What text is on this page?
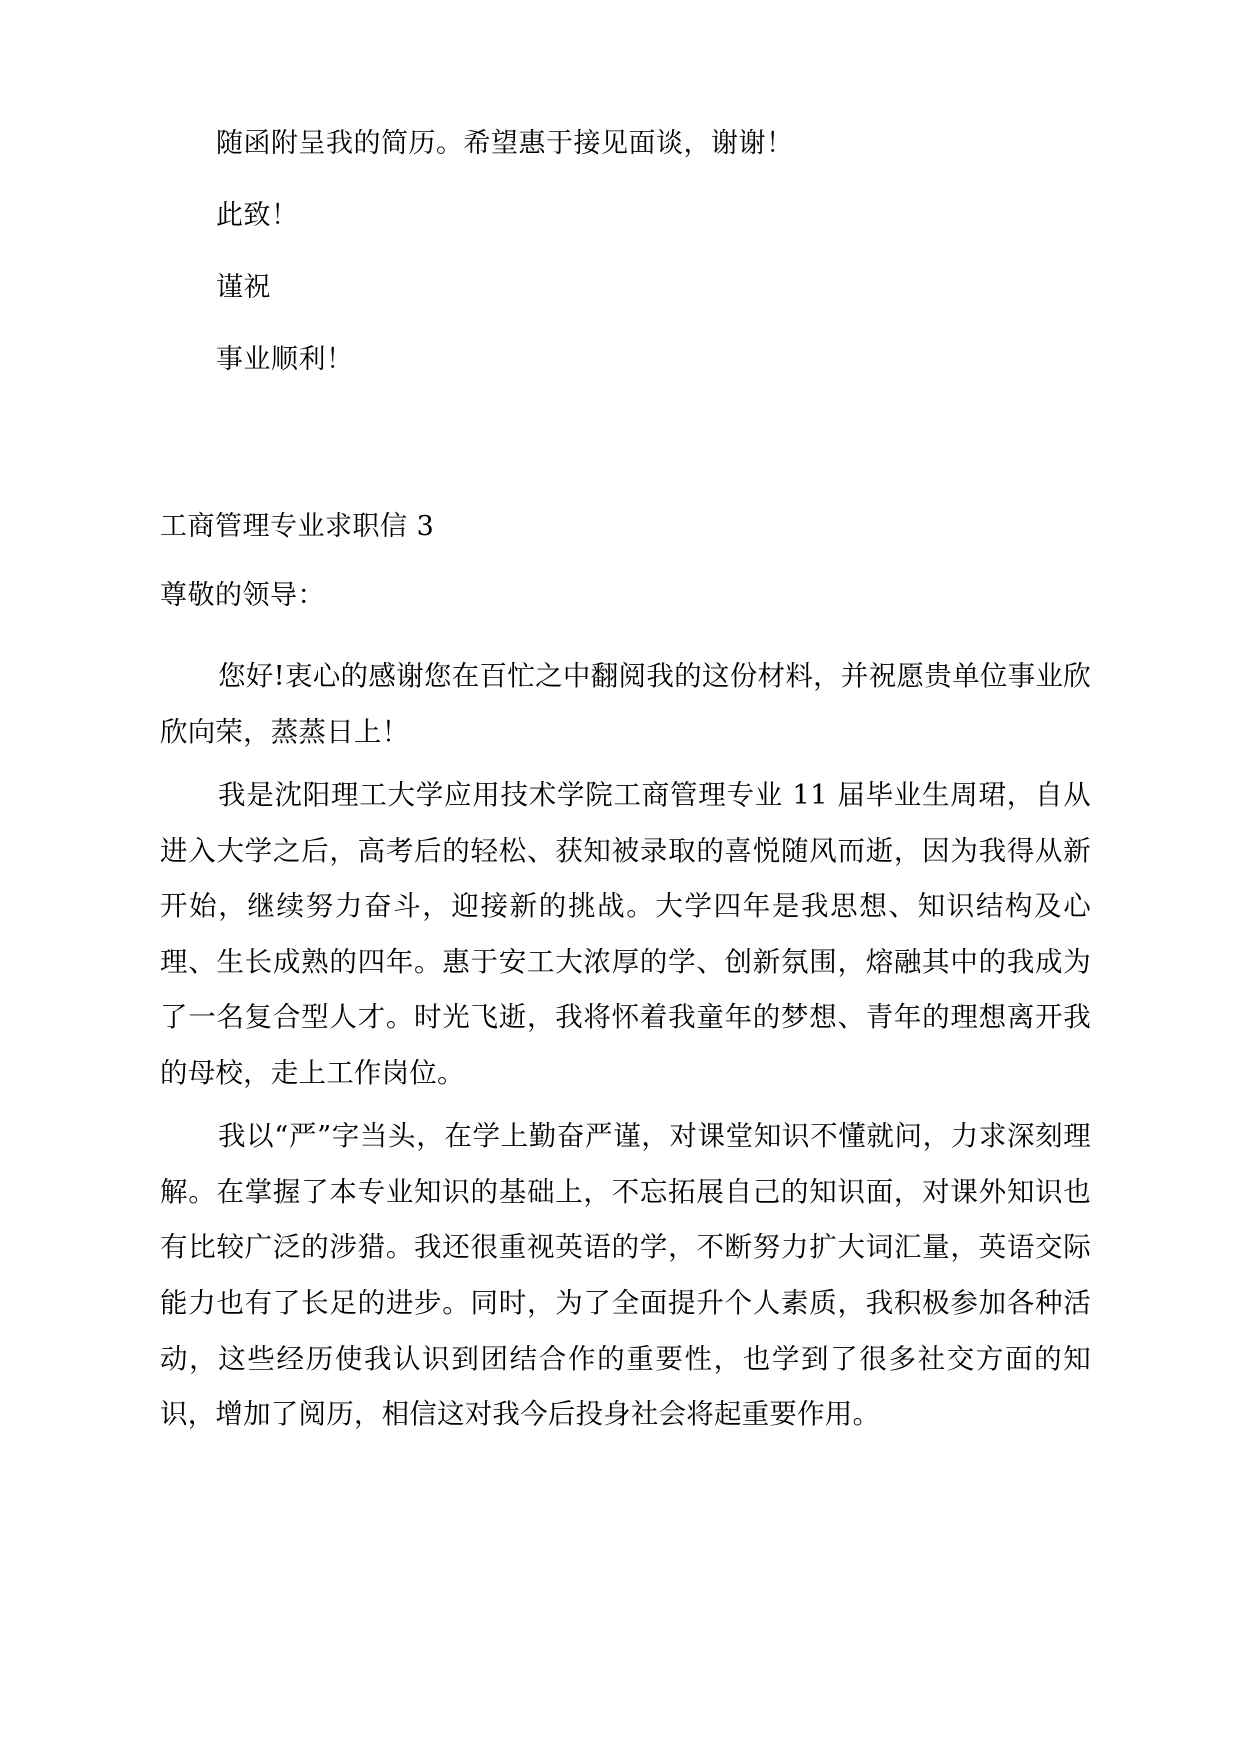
随函附呈我的简历。希望惠于接见面谈，谢谢！

此致！

谨祝

事业顺利！

工商管理专业求职信 3

尊敬的领导：

您好!衷心的感谢您在百忙之中翻阅我的这份材料，并祝愿贵单位事业欣欣向荣，蒸蒸日上！

我是沈阳理工大学应用技术学院工商管理专业 11 届毕业生周珺，自从进入大学之后，高考后的轻松、获知被录取的喜悦随风而逝，因为我得从新开始，继续努力奋斗，迎接新的挑战。大学四年是我思想、知识结构及心理、生长成熟的四年。惠于安工大浓厚的学、创新氛围，熔融其中的我成为了一名复合型人才。时光飞逝，我将怀着我童年的梦想、青年的理想离开我的母校，走上工作岗位。

我以“严”字当头，在学上勤奋严谨，对课堂知识不懂就问，力求深刻理解。在掌握了本专业知识的基础上，不忘拓展自己的知识面，对课外知识也有比较广泛的涉猎。我还很重视英语的学，不断努力扩大词汇量，英语交际能力也有了长足的进步。同时，为了全面提升个人素质，我积极参加各种活动，这些经历使我认识到团结合作的重要性，也学到了很多社交方面的知识，增加了阅历，相信这对我今后投身社会将起重要作用。
